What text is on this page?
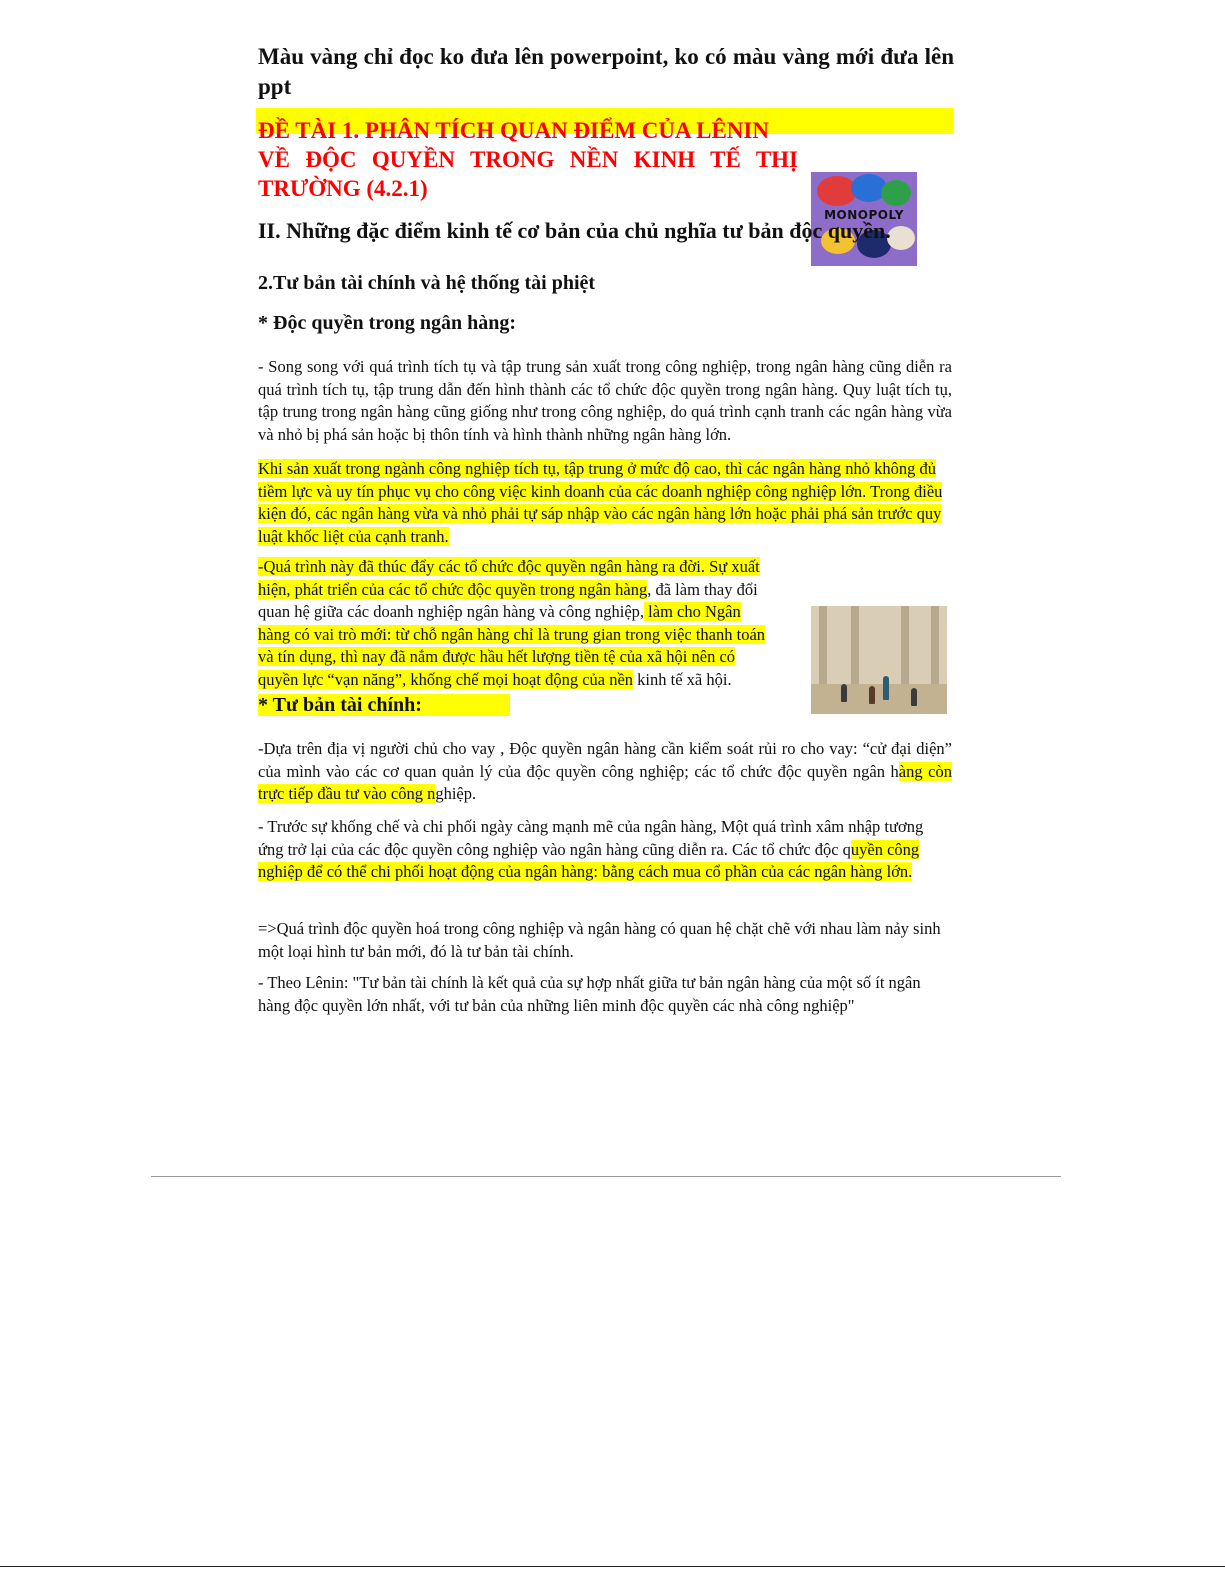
Màu vàng chỉ đọc ko đưa lên powerpoint, ko có màu vàng mới đưa lên ppt
ĐỀ TÀI 1. PHÂN TÍCH QUAN ĐIỂM CỦA LÊNIN
VỀ ĐỘC QUYỀN TRONG NỀN KINH TẾ THỊ
TRƯỜNG (4.2.1)
MONOPOLY
II. Những đặc điểm kinh tế cơ bản của chủ nghĩa tư bản độc quyền.
2.Tư bản tài chính và hệ thống tài phiệt
* Độc quyền trong ngân hàng:
- Song song với quá trình tích tụ và tập trung sản xuất trong công nghiệp, trong ngân hàng cũng diễn ra quá trình tích tụ, tập trung dẫn đến hình thành các tổ chức độc quyền trong ngân hàng. Quy luật tích tụ, tập trung trong ngân hàng cũng giống như trong công nghiệp, do quá trình cạnh tranh các ngân hàng vừa và nhỏ bị phá sản hoặc bị thôn tính và hình thành những ngân hàng lớn.
Khi sản xuất trong ngành công nghiệp tích tụ, tập trung ở mức độ cao, thì các ngân hàng nhỏ không đủ tiềm lực và uy tín phục vụ cho công việc kinh doanh của các doanh nghiệp công nghiệp lớn. Trong điều kiện đó, các ngân hàng vừa và nhỏ phải tự sáp nhập vào các ngân hàng lớn hoặc phải phá sản trước quy luật khốc liệt của cạnh tranh.
-Quá trình này đã thúc đẩy các tổ chức độc quyền ngân hàng ra đời. Sự xuất hiện, phát triển của các tổ chức độc quyền trong ngân hàng, đã làm thay đổi quan hệ giữa các doanh nghiệp ngân hàng và công nghiệp, làm cho Ngân hàng có vai trò mới: từ chỗ ngân hàng chỉ là trung gian trong việc thanh toán và tín dụng, thì nay đã nắm được hầu hết lượng tiền tệ của xã hội nên có quyền lực “vạn năng”, khống chế mọi hoạt động của nền kinh tế xã hội.
* Tư bản tài chính:
-Dựa trên địa vị người chủ cho vay , Độc quyền ngân hàng cần kiểm soát rủi ro cho vay: “cử đại diện” của mình vào các cơ quan quản lý của độc quyền công nghiệp; các tổ chức độc quyền ngân hàng còn trực tiếp đầu tư vào công nghiệp.
- Trước sự khống chế và chi phối ngày càng mạnh mẽ của ngân hàng, Một quá trình xâm nhập tương ứng trở lại của các độc quyền công nghiệp vào ngân hàng cũng diễn ra. Các tổ chức độc quyền công nghiệp để có thể chi phối hoạt động của ngân hàng: bằng cách mua cổ phần của các ngân hàng lớn.
=>Quá trình độc quyền hoá trong công nghiệp và ngân hàng có quan hệ chặt chẽ với nhau làm nảy sinh một loại hình tư bản mới, đó là tư bản tài chính.
- Theo Lênin: "Tư bản tài chính là kết quả của sự hợp nhất giữa tư bản ngân hàng của một số ít ngân hàng độc quyền lớn nhất, với tư bản của những liên minh độc quyền các nhà công nghiệp"
